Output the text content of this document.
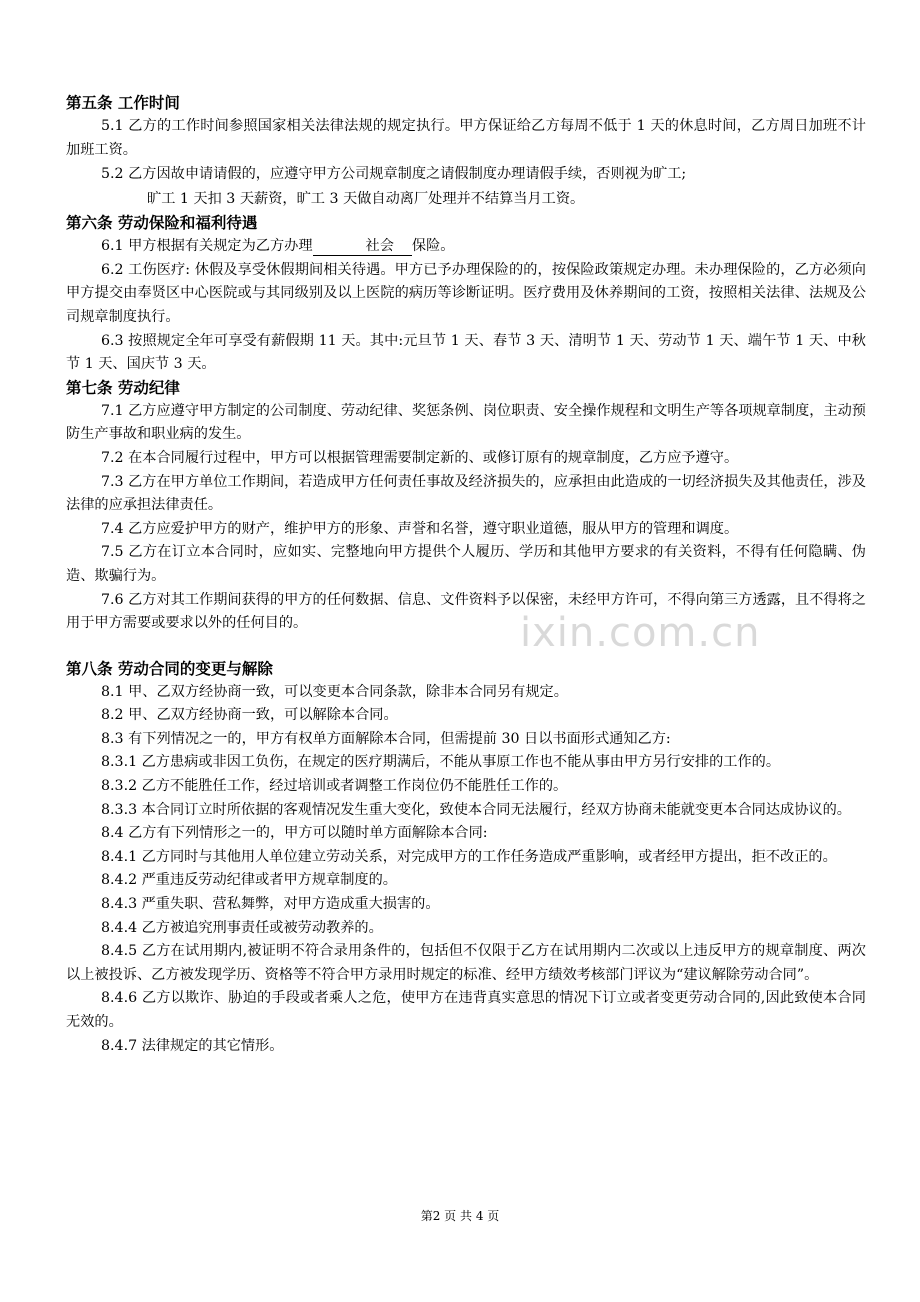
ixin.com.cn

第五条 工作时间

5.1 乙方的工作时间参照国家相关法律法规的规定执行。甲方保证给乙方每周不低于 1 天的休息时间，乙方周日加班不计加班工资。

5.2 乙方因故申请请假的，应遵守甲方公司规章制度之请假制度办理请假手续，否则视为旷工;

旷工 1 天扣 3 天薪资，旷工 3 天做自动离厂处理并不结算当月工资。

第六条 劳动保险和福利待遇

6.1 甲方根据有关规定为乙方办理	社会 保险。

6.2 工伤医疗: 休假及享受休假期间相关待遇。甲方已予办理保险的的，按保险政策规定办理。未办理保险的，乙方必须向甲方提交由奉贤区中心医院或与其同级别及以上医院的病历等诊断证明。医疗费用及休养期间的工资，按照相关法律、法规及公司规章制度执行。

6.3 按照规定全年可享受有薪假期 11 天。其中:元旦节 1 天、春节 3 天、清明节 1 天、劳动节 1 天、端午节 1 天、中秋节 1 天、国庆节 3 天。

第七条 劳动纪律

7.1 乙方应遵守甲方制定的公司制度、劳动纪律、奖惩条例、岗位职责、安全操作规程和文明生产等各项规章制度，主动预防生产事故和职业病的发生。

7.2 在本合同履行过程中，甲方可以根据管理需要制定新的、或修订原有的规章制度，乙方应予遵守。

7.3 乙方在甲方单位工作期间，若造成甲方任何责任事故及经济损失的，应承担由此造成的一切经济损失及其他责任，涉及法律的应承担法律责任。

7.4 乙方应爱护甲方的财产，维护甲方的形象、声誉和名誉，遵守职业道德，服从甲方的管理和调度。

7.5 乙方在订立本合同时，应如实、完整地向甲方提供个人履历、学历和其他甲方要求的有关资料，不得有任何隐瞒、伪造、欺骗行为。

7.6 乙方对其工作期间获得的甲方的任何数据、信息、文件资料予以保密，未经甲方许可，不得向第三方透露，且不得将之用于甲方需要或要求以外的任何目的。

第八条 劳动合同的变更与解除

8.1 甲、乙双方经协商一致，可以变更本合同条款，除非本合同另有规定。

8.2 甲、乙双方经协商一致，可以解除本合同。

8.3 有下列情况之一的，甲方有权单方面解除本合同，但需提前 30 日以书面形式通知乙方:

8.3.1 乙方患病或非因工负伤，在规定的医疗期满后，不能从事原工作也不能从事由甲方另行安排的工作的。

8.3.2 乙方不能胜任工作，经过培训或者调整工作岗位仍不能胜任工作的。

8.3.3 本合同订立时所依据的客观情况发生重大变化，致使本合同无法履行，经双方协商未能就变更本合同达成协议的。

8.4 乙方有下列情形之一的，甲方可以随时单方面解除本合同:

8.4.1 乙方同时与其他用人单位建立劳动关系，对完成甲方的工作任务造成严重影响，或者经甲方提出，拒不改正的。

8.4.2 严重违反劳动纪律或者甲方规章制度的。

8.4.3 严重失职、营私舞弊，对甲方造成重大损害的。

8.4.4 乙方被追究刑事责任或被劳动教养的。

8.4.5 乙方在试用期内,被证明不符合录用条件的，包括但不仅限于乙方在试用期内二次或以上违反甲方的规章制度、两次以上被投诉、乙方被发现学历、资格等不符合甲方录用时规定的标准、经甲方绩效考核部门评议为“建议解除劳动合同”。

8.4.6 乙方以欺诈、胁迫的手段或者乘人之危，使甲方在违背真实意思的情况下订立或者变更劳动合同的,因此致使本合同无效的。

8.4.7 法律规定的其它情形。

第2 页 共 4 页
